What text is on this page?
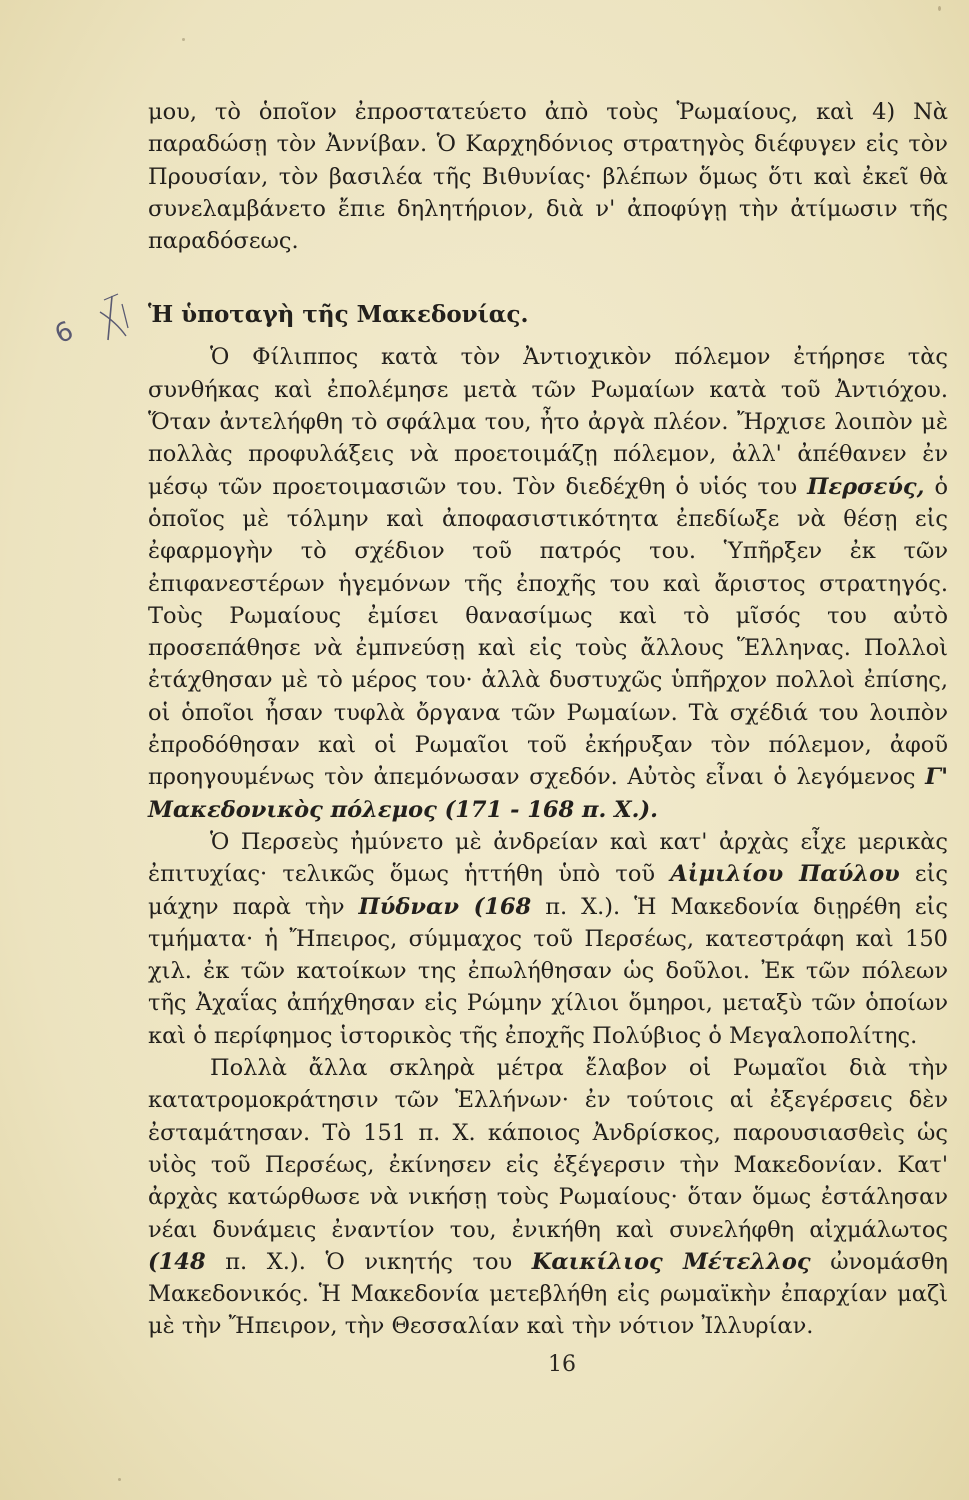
6

μου, τὸ ὁποῖον ἐπροστατεύετο ἀπὸ τοὺς Ῥωμαίους, καὶ 4) Νὰ παραδώσῃ τὸν Ἀννίβαν. Ὁ Καρχηδόνιος στρατηγὸς διέφυγεν εἰς τὸν Προυσίαν, τὸν βασιλέα τῆς Βιθυνίας· βλέπων ὅμως ὅτι καὶ ἐκεῖ θὰ συνελαμβάνετο ἔπιε δηλητήριον, διὰ ν' ἀποφύγῃ τὴν ἀτίμωσιν τῆς παραδόσεως.

Ἡ ὑποταγὴ τῆς Μακεδονίας.

Ὁ Φίλιππος κατὰ τὸν Ἀντιοχικὸν πόλεμον ἐτήρησε τὰς συνθήκας καὶ ἐπολέμησε μετὰ τῶν Ρωμαίων κατὰ τοῦ Ἀντιόχου. Ὅταν ἀντελήφθη τὸ σφάλμα του, ἦτο ἀργὰ πλέον. Ἤρχισε λοιπὸν μὲ πολλὰς προφυλάξεις νὰ προετοιμάζῃ πόλεμον, ἀλλ' ἀπέθανεν ἐν μέσῳ τῶν προετοιμασιῶν του. Τὸν διεδέχθη ὁ υἱός του Περσεύς, ὁ ὁποῖος μὲ τόλμην καὶ ἀποφασιστικότητα ἐπεδίωξε νὰ θέσῃ εἰς ἐφαρμογὴν τὸ σχέδιον τοῦ πατρός του. Ὑπῆρξεν ἐκ τῶν ἐπιφανεστέρων ἡγεμόνων τῆς ἐποχῆς του καὶ ἄριστος στρατηγός. Τοὺς Ρωμαίους ἐμίσει θανασίμως καὶ τὸ μῖσός του αὐτὸ προσεπάθησε νὰ ἐμπνεύσῃ καὶ εἰς τοὺς ἄλλους Ἕλληνας. Πολλοὶ ἐτάχθησαν μὲ τὸ μέρος του· ἀλλὰ δυστυχῶς ὑπῆρχον πολλοὶ ἐπίσης, οἱ ὁποῖοι ἦσαν τυφλὰ ὄργανα τῶν Ρωμαίων. Τὰ σχέδιά του λοιπὸν ἐπροδόθησαν καὶ οἱ Ρωμαῖοι τοῦ ἐκήρυξαν τὸν πόλεμον, ἀφοῦ προηγουμένως τὸν ἀπεμόνωσαν σχεδόν. Αὐτὸς εἶναι ὁ λεγόμενος Γ' Μακεδονικὸς πόλεμος (171 - 168 π. Χ.).

Ὁ Περσεὺς ἠμύνετο μὲ ἀνδρείαν καὶ κατ' ἀρχὰς εἶχε μερικὰς ἐπιτυχίας· τελικῶς ὅμως ἡττήθη ὑπὸ τοῦ Αἰμιλίου Παύλου εἰς μάχην παρὰ τὴν Πύδναν (168 π. Χ.). Ἡ Μακεδονία διῃρέθη εἰς τμήματα· ἡ Ἤπειρος, σύμμαχος τοῦ Περσέως, κατεστράφη καὶ 150 χιλ. ἐκ τῶν κατοίκων της ἐπωλήθησαν ὡς δοῦλοι. Ἐκ τῶν πόλεων τῆς Ἀχαΐας ἀπήχθησαν εἰς Ρώμην χίλιοι ὅμηροι, μεταξὺ τῶν ὁποίων καὶ ὁ περίφημος ἱστορικὸς τῆς ἐποχῆς Πολύβιος ὁ Μεγαλοπολίτης.

Πολλὰ ἄλλα σκληρὰ μέτρα ἔλαβον οἱ Ρωμαῖοι διὰ τὴν κατατρομοκράτησιν τῶν Ἑλλήνων· ἐν τούτοις αἱ ἐξεγέρσεις δὲν ἐσταμάτησαν. Τὸ 151 π. Χ. κάποιος Ἀνδρίσκος, παρουσιασθεὶς ὡς υἱὸς τοῦ Περσέως, ἐκίνησεν εἰς ἐξέγερσιν τὴν Μακεδονίαν. Κατ' ἀρχὰς κατώρθωσε νὰ νικήσῃ τοὺς Ρωμαίους· ὅταν ὅμως ἐστάλησαν νέαι δυνάμεις ἐναντίον του, ἐνικήθη καὶ συνελήφθη αἰχμάλωτος (148 π. Χ.). Ὁ νικητής του Καικίλιος Μέτελλος ὠνομάσθη Μακεδονικός. Ἡ Μακεδονία μετεβλήθη εἰς ρωμαϊκὴν ἐπαρχίαν μαζὶ μὲ τὴν Ἤπειρον, τὴν Θεσσαλίαν καὶ τὴν νότιον Ἰλλυρίαν.

16
